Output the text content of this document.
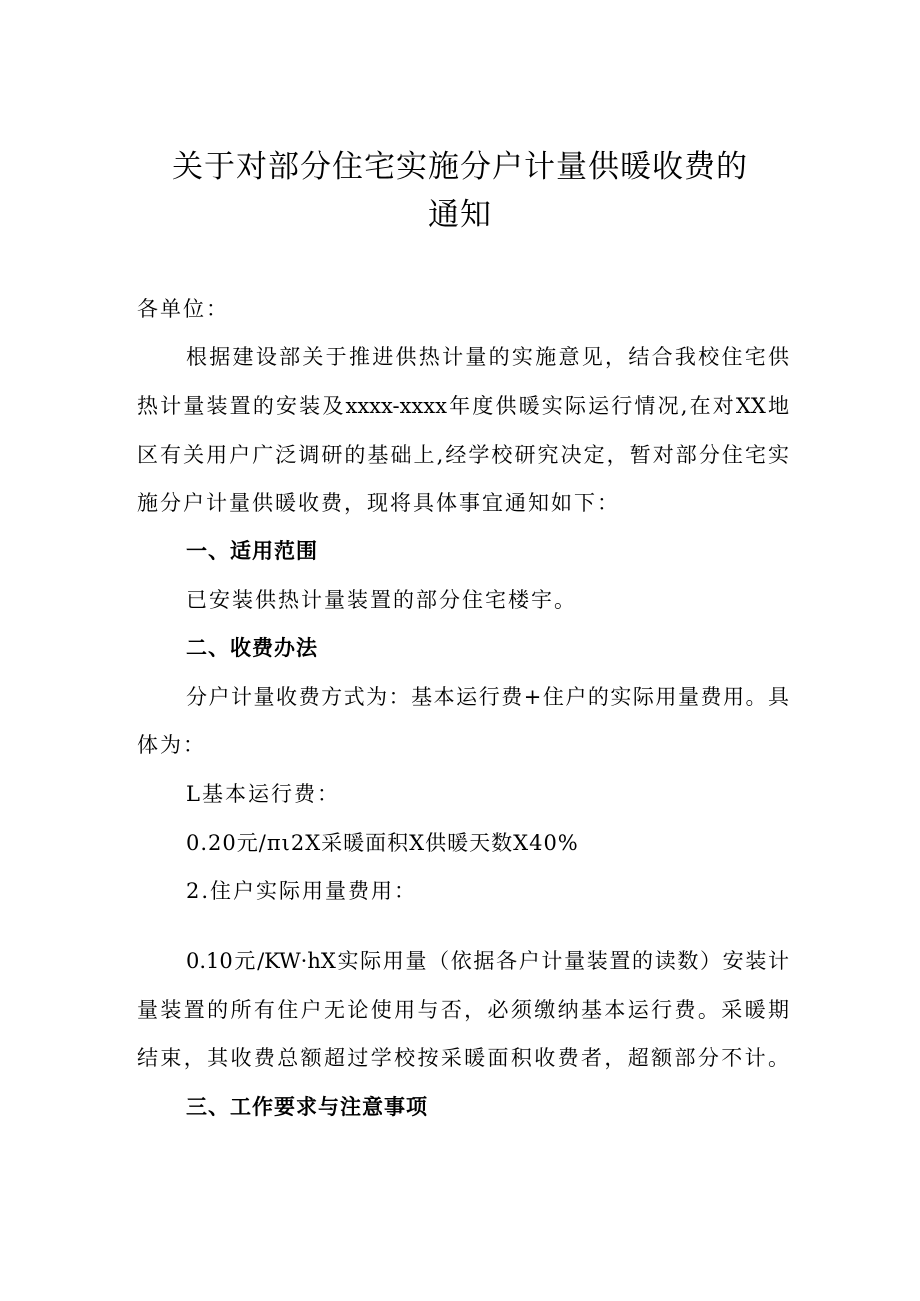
关于对部分住宅实施分户计量供暖收费的
通知
各单位：
根据建设部关于推进供热计量的实施意见，结合我校住宅供
热计量装置的安装及xxxx-xxxx年度供暖实际运行情况,在对XX地
区有关用户广泛调研的基础上,经学校研究决定，暂对部分住宅实
施分户计量供暖收费，现将具体事宜通知如下：
一、适用范围
已安装供热计量装置的部分住宅楼宇。
二、收费办法
分户计量收费方式为：基本运行费+住户的实际用量费用。具
体为：
L基本运行费：
0.20元/πι2X采暖面积X供暖天数X40%
2.住户实际用量费用：
0.10元/KW·hX实际用量（依据各户计量装置的读数）安装计
量装置的所有住户无论使用与否，必须缴纳基本运行费。采暖期
结束，其收费总额超过学校按采暖面积收费者，超额部分不计。
三、工作要求与注意事项
